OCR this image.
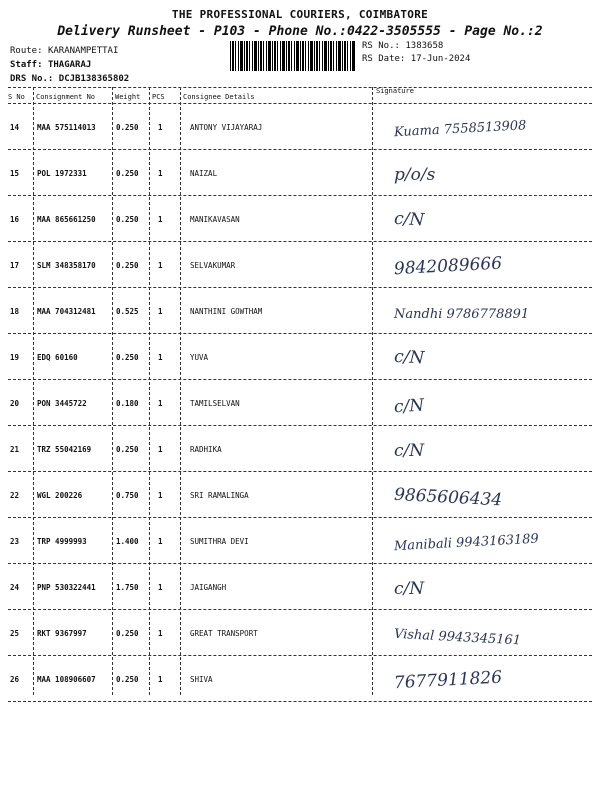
THE PROFESSIONAL COURIERS, COIMBATORE
Delivery Runsheet - P103 - Phone No.:0422-3505555 - Page No.:2
Route: KARANAMPETTAI
Staff: THAGARAJ
DRS No.: DCJB138365802
RS No.: 1383658
RS Date: 17-Jun-2024
S No Consignment No	Weight PCS	Consignee Details
Signature
14 MAA 575114013	0.250	1	ANTONY VIJAYARAJ	Kuama 7558513908
15 POL 1972331	0.250	1	NAIZAL	p/o/s
16 MAA 865661250	0.250	1	MANIKAVASAN	c/N
17 SLM 348358170	0.250	1	SELVAKUMAR	9842089666
18 MAA 704312481	0.525	1	NANTHINI GOWTHAM	Nandhi 9786778891
19 EDQ 60160	0.250	1	YUVA	c/N
20 PON 3445722	0.180	1	TAMILSELVAN	c/N
21 TRZ 55042169	0.250	1	RADHIKA	c/N
22 WGL 200226	0.750	1	SRI RAMALINGA	9865606434
23 TRP 4999993	1.400	1	SUMITHRA DEVI	Manibali 9943163189
24 PNP 530322441	1.750	1	JAIGANGH	c/N
25 RKT 9367997	0.250	1	GREAT TRANSPORT	Vishal 9943345161
26 MAA 108906607	0.250	1	SHIVA	7677911826
